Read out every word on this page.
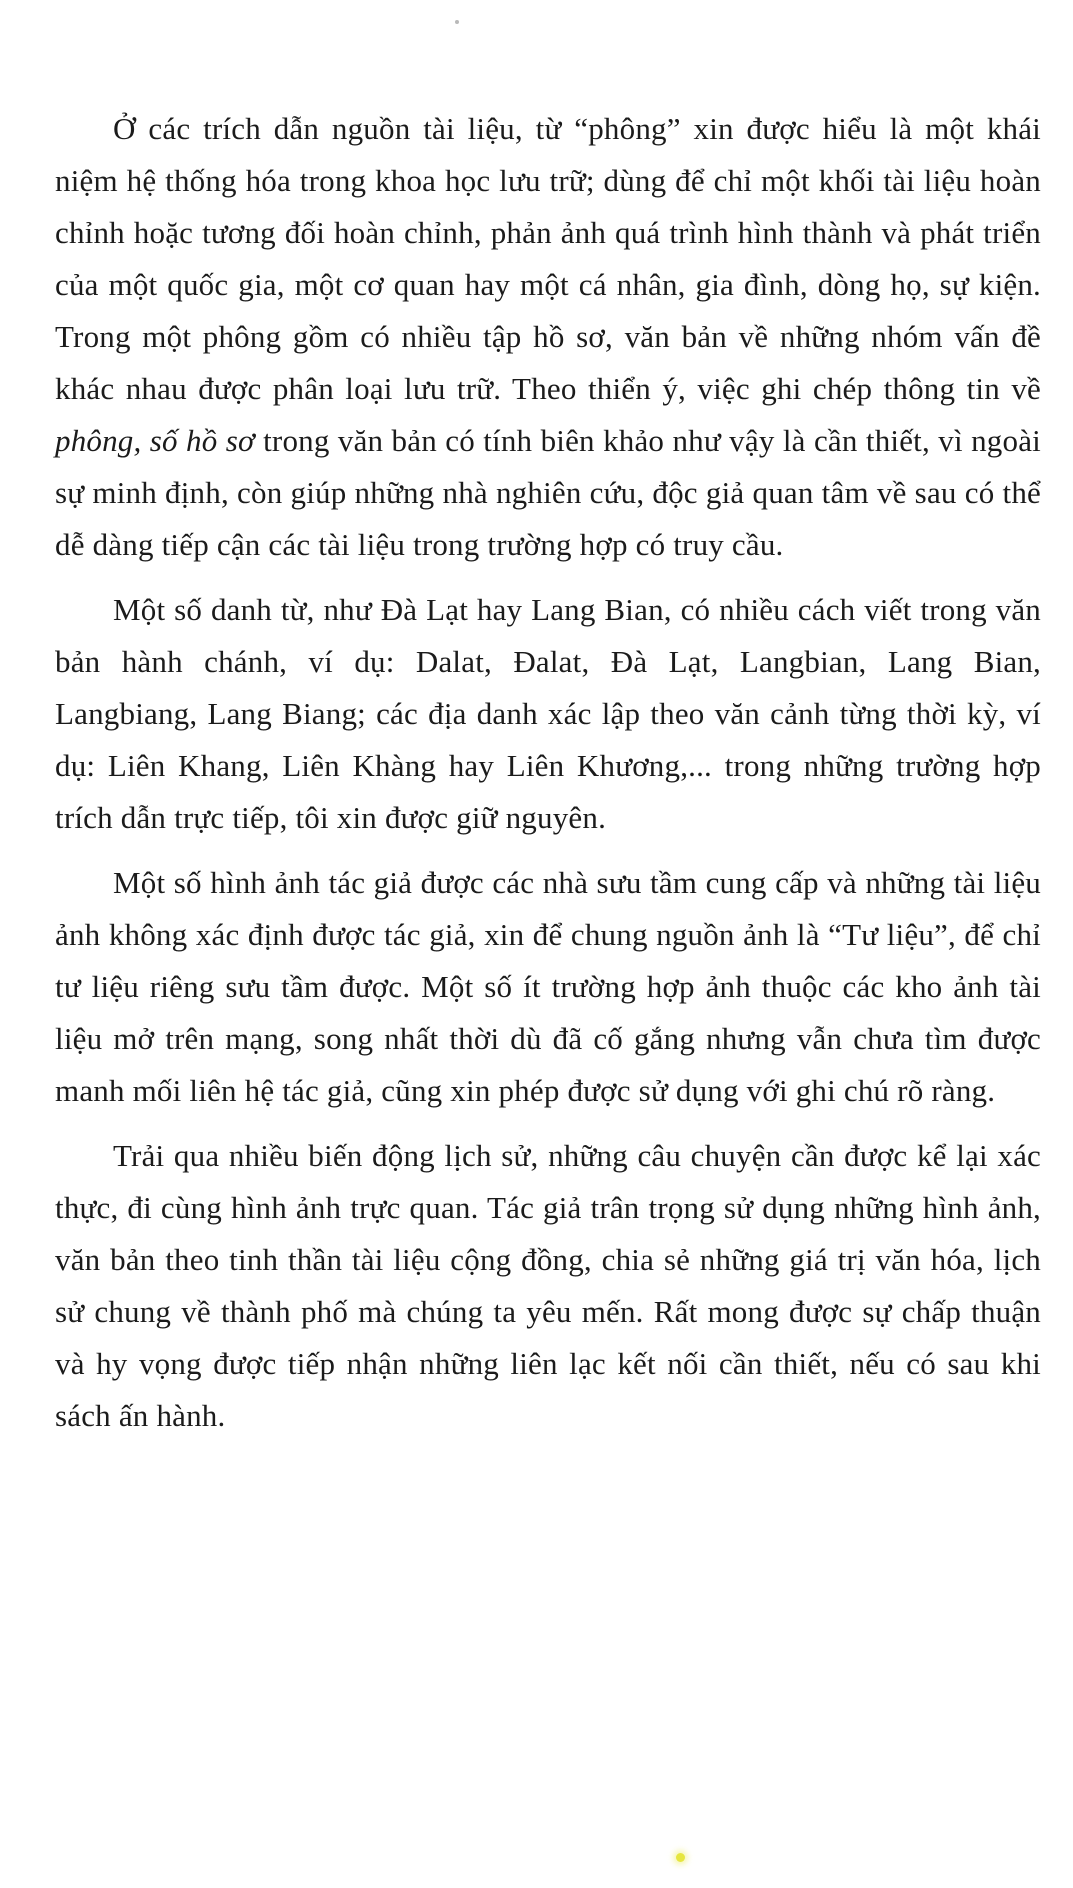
Ở các trích dẫn nguồn tài liệu, từ “phông” xin được hiểu là một khái niệm hệ thống hóa trong khoa học lưu trữ; dùng để chỉ một khối tài liệu hoàn chỉnh hoặc tương đối hoàn chỉnh, phản ảnh quá trình hình thành và phát triển của một quốc gia, một cơ quan hay một cá nhân, gia đình, dòng họ, sự kiện. Trong một phông gồm có nhiều tập hồ sơ, văn bản về những nhóm vấn đề khác nhau được phân loại lưu trữ. Theo thiển ý, việc ghi chép thông tin về phông, số hồ sơ trong văn bản có tính biên khảo như vậy là cần thiết, vì ngoài sự minh định, còn giúp những nhà nghiên cứu, độc giả quan tâm về sau có thể dễ dàng tiếp cận các tài liệu trong trường hợp có truy cầu.

Một số danh từ, như Đà Lạt hay Lang Bian, có nhiều cách viết trong văn bản hành chánh, ví dụ: Dalat, Đalat, Đà Lạt, Langbian, Lang Bian, Langbiang, Lang Biang; các địa danh xác lập theo văn cảnh từng thời kỳ, ví dụ: Liên Khang, Liên Khàng hay Liên Khương,... trong những trường hợp trích dẫn trực tiếp, tôi xin được giữ nguyên.

Một số hình ảnh tác giả được các nhà sưu tầm cung cấp và những tài liệu ảnh không xác định được tác giả, xin để chung nguồn ảnh là “Tư liệu”, để chỉ tư liệu riêng sưu tầm được. Một số ít trường hợp ảnh thuộc các kho ảnh tài liệu mở trên mạng, song nhất thời dù đã cố gắng nhưng vẫn chưa tìm được manh mối liên hệ tác giả, cũng xin phép được sử dụng với ghi chú rõ ràng.

Trải qua nhiều biến động lịch sử, những câu chuyện cần được kể lại xác thực, đi cùng hình ảnh trực quan. Tác giả trân trọng sử dụng những hình ảnh, văn bản theo tinh thần tài liệu cộng đồng, chia sẻ những giá trị văn hóa, lịch sử chung về thành phố mà chúng ta yêu mến. Rất mong được sự chấp thuận và hy vọng được tiếp nhận những liên lạc kết nối cần thiết, nếu có sau khi sách ấn hành.
